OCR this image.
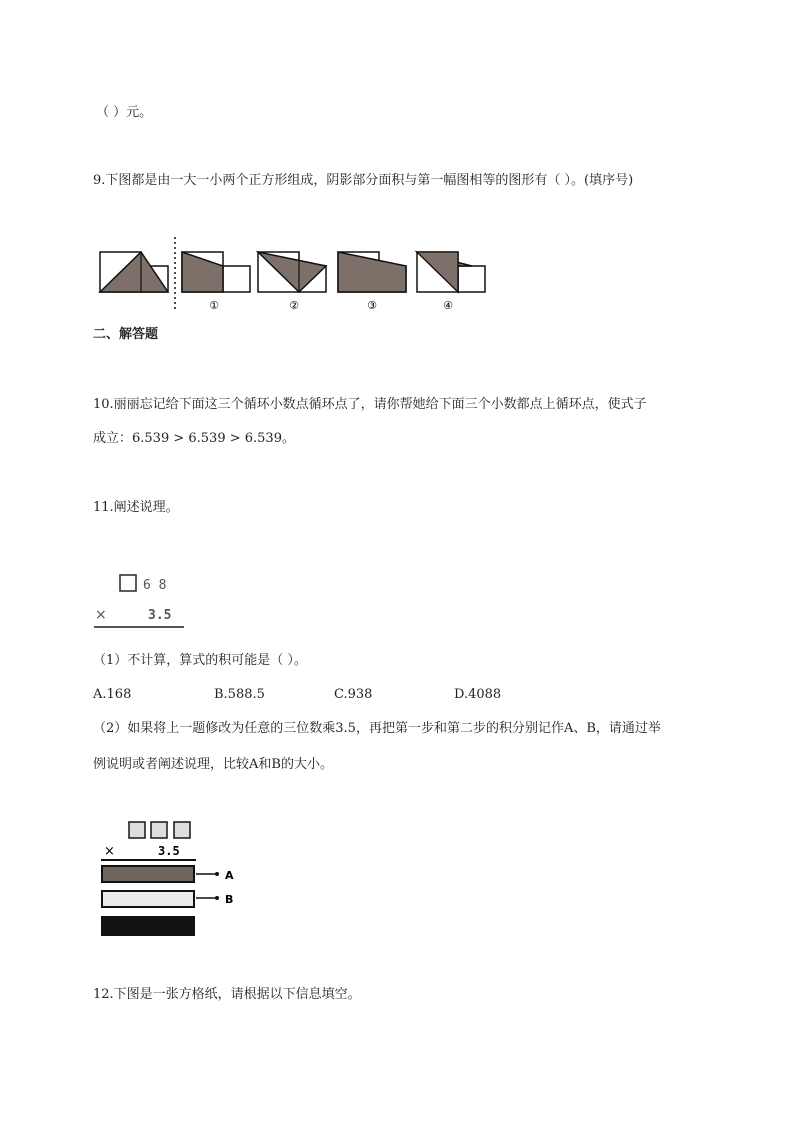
（ ）元。
9.下图都是由一大一小两个正方形组成，阴影部分面积与第一幅图相等的图形有（ ）。(填序号)
①	②	③	④
二、解答题
10.丽丽忘记给下面这三个循环小数点循环点了，请你帮她给下面三个小数都点上循环点，使式子
成立：6.539 > 6.539 > 6.539。
11.阐述说理。
6 8
×	3.5
（1）不计算，算式的积可能是（ ）。
A.168	B.588.5	C.938	D.4088
（2）如果将上一题修改为任意的三位数乘3.5，再把第一步和第二步的积分别记作A、B，请通过举
例说明或者阐述说理，比较A和B的大小。
×	3.5
A
B
12.下图是一张方格纸，请根据以下信息填空。
